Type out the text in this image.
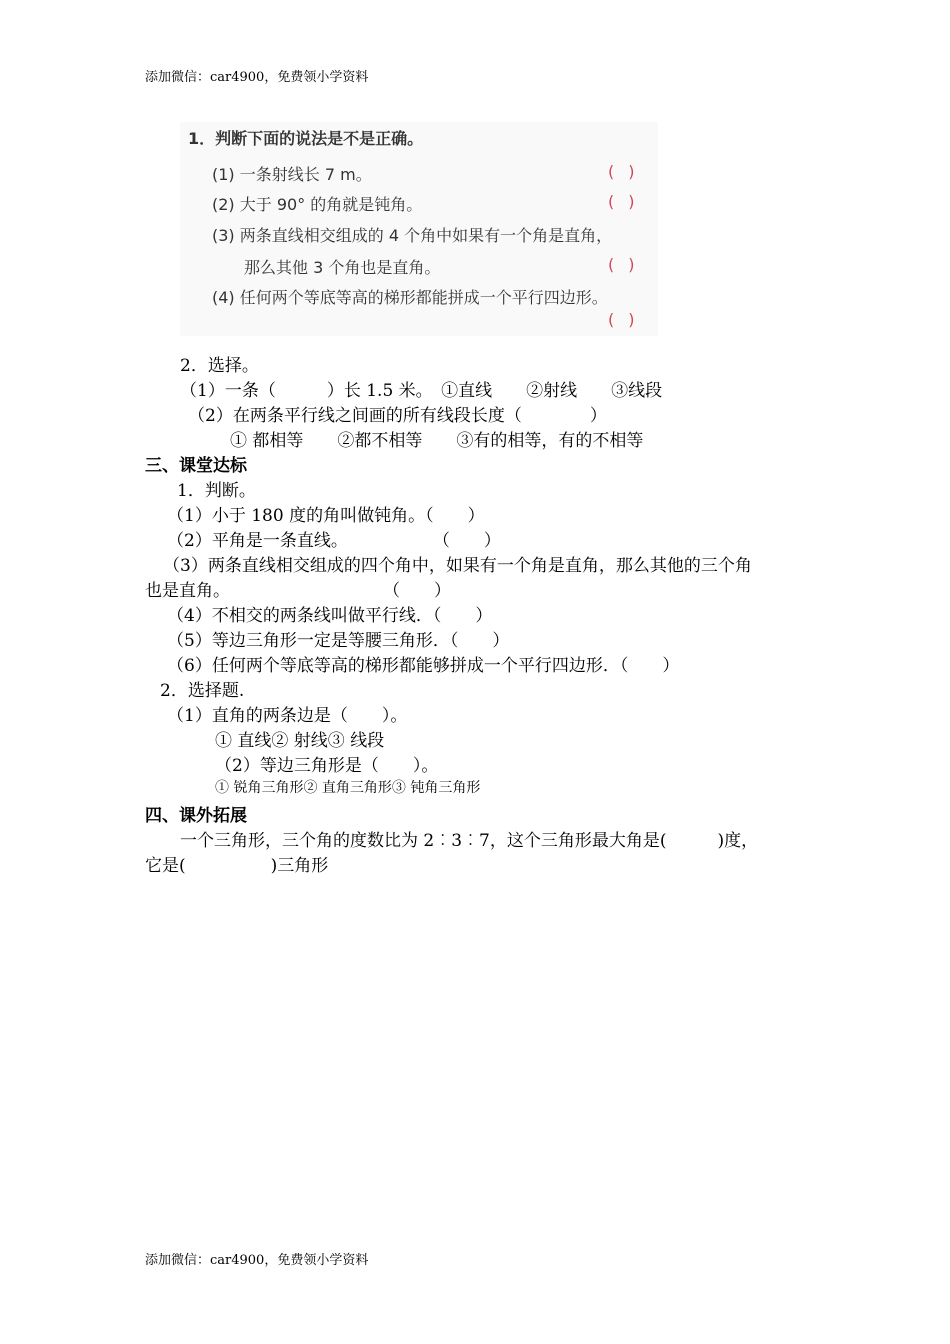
添加微信：car4900，免费领小学资料
1．判断下面的说法是不是正确。
(1) 一条射线长 7 m。	()
(2) 大于 90° 的角就是钝角。	()
(3) 两条直线相交组成的 4 个角中如果有一个角是直角，
那么其他 3 个角也是直角。	()
(4) 任何两个等底等高的梯形都能拼成一个平行四边形。
()
2．选择。
（1）一条（　　　）长 1.5 米。　①直线　　②射线　　③线段
（2）在两条平行线之间画的所有线段长度（　　　　）
① 都相等　　②都不相等　　③有的相等，有的不相等
三、课堂达标
1．判断。
（1）小于 180 度的角叫做钝角。（　　）
（2）平角是一条直线。　　　　　　（　　）
（3）两条直线相交组成的四个角中，如果有一个角是直角，那么其他的三个角
也是直角。　　　　　　　　　　（　　）
（4）不相交的两条线叫做平行线．（　　）
（5）等边三角形一定是等腰三角形．（　　）
（6）任何两个等底等高的梯形都能够拼成一个平行四边形．（　　）
2．选择题.
（1）直角的两条边是（　　）。
① 直线② 射线③ 线段
（2）等边三角形是（　　）。
① 锐角三角形② 直角三角形③ 钝角三角形
四、课外拓展
一个三角形，三个角的度数比为 2︰3︰7，这个三角形最大角是(　　　)度，
它是(　　　　　)三角形
添加微信：car4900，免费领小学资料
